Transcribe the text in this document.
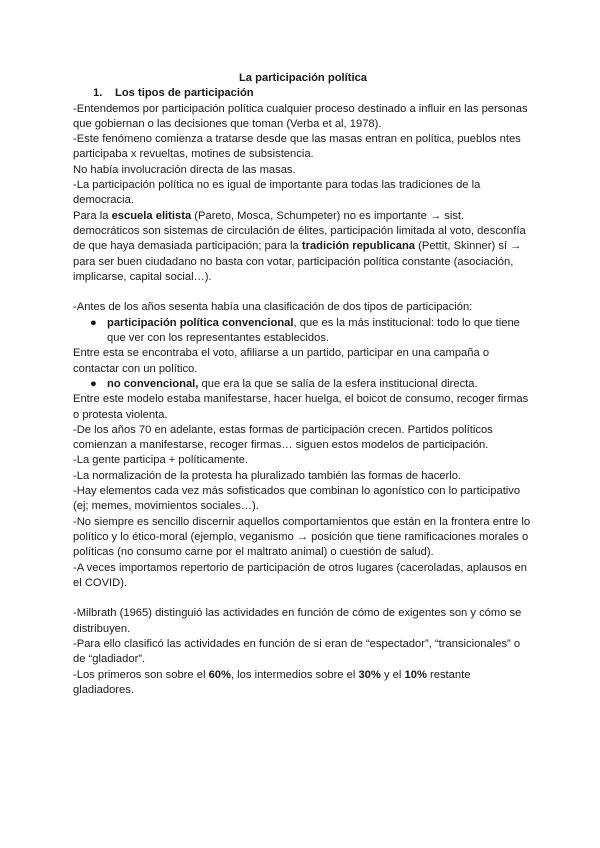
La participación política

1. Los tipos de participación

-Entendemos por participación política cualquier proceso destinado a influir en las personas que gobiernan o las decisiones que toman (Verba et al, 1978).

-Este fenómeno comienza a tratarse desde que las masas entran en política, pueblos ntes participaba x revueltas, motines de subsistencia.

No había involucración directa de las masas.

-La participación política no es igual de importante para todas las tradiciones de la democracia.

Para la escuela elitista (Pareto, Mosca, Schumpeter) no es importante → sist. democráticos son sistemas de circulación de élites, participación limitada al voto, desconfía de que haya demasiada participación; para la tradición republicana (Pettit, Skinner) sí → para ser buen ciudadano no basta con votar, participación política constante (asociación, implicarse, capital social…).

-Antes de los años sesenta había una clasificación de dos tipos de participación:

● participación política convencional, que es la más institucional: todo lo que tiene que ver con los representantes establecidos.

Entre esta se encontraba el voto, afiliarse a un partido, participar en una campaña o contactar con un político.

● no convencional, que era la que se salía de la esfera institucional directa.

Entre este modelo estaba manifestarse, hacer huelga, el boicot de consumo, recoger firmas o protesta violenta.

-De los años 70 en adelante, estas formas de participación crecen. Partidos políticos comienzan a manifestarse, recoger firmas… siguen estos modelos de participación.

-La gente participa + políticamente.

-La normalización de la protesta ha pluralizado también las formas de hacerlo.

-Hay elementos cada vez más sofisticados que combinan lo agonístico con lo participativo (ej; memes, movimientos sociales…).

-No siempre es sencillo discernir aquellos comportamientos que están en la frontera entre lo político y lo ético-moral (ejemplo, veganismo → posición que tiene ramificaciones morales o políticas (no consumo carne por el maltrato animal) o cuestión de salud).

-A veces importamos repertorio de participación de otros lugares (caceroladas, aplausos en el COVID).

-Milbrath (1965) distinguió las actividades en función de cómo de exigentes son y cómo se distribuyen.

-Para ello clasificó las actividades en función de si eran de “espectador”, “transicionales” o de “gladiador”.

-Los primeros son sobre el 60%, los intermedios sobre el 30% y el 10% restante gladiadores.
